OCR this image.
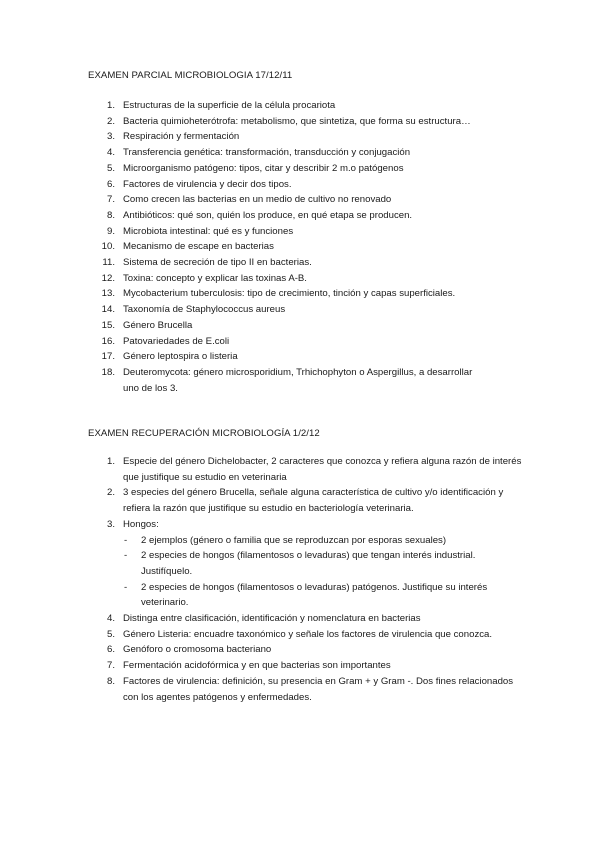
EXAMEN PARCIAL MICROBIOLOGIA 17/12/11
1. Estructuras de la superficie de la célula procariota
2. Bacteria quimioheterótrofa: metabolismo, que sintetiza, que forma su estructura…
3. Respiración y fermentación
4. Transferencia genética: transformación, transducción y conjugación
5. Microorganismo patógeno: tipos, citar y describir 2 m.o patógenos
6. Factores de virulencia y decir dos tipos.
7. Como crecen las bacterias en un medio de cultivo no renovado
8. Antibióticos: qué son, quién los produce, en qué etapa se producen.
9. Microbiota intestinal: qué es y funciones
10. Mecanismo de escape en bacterias
11. Sistema de secreción de tipo II en bacterias.
12. Toxina: concepto y explicar las toxinas A-B.
13. Mycobacterium tuberculosis: tipo de crecimiento, tinción y capas superficiales.
14. Taxonomía de Staphylococcus aureus
15. Género Brucella
16. Patovariedades de E.coli
17. Género leptospira o listeria
18. Deuteromycota: género microsporidium, Trhichophyton o Aspergillus, a desarrollar uno de los 3.
EXAMEN RECUPERACIÓN MICROBIOLOGÍA 1/2/12
1. Especie del género Dichelobacter, 2 caracteres que conozca y refiera alguna razón de interés que justifique su estudio en veterinaria
2. 3 especies del género Brucella, señale alguna característica de cultivo y/o identificación y refiera la razón que justifique su estudio en bacteriología veterinaria.
3. Hongos:
- 2 ejemplos (género o familia que se reproduzcan por esporas sexuales)
- 2 especies de hongos (filamentosos o levaduras) que tengan interés industrial. Justifíquelo.
- 2 especies de hongos (filamentosos o levaduras) patógenos. Justifique su interés veterinario.
4. Distinga entre clasificación, identificación y nomenclatura en bacterias
5. Género Listeria: encuadre taxonómico y señale los factores de virulencia que conozca.
6. Genóforo o cromosoma bacteriano
7. Fermentación acidofórmica y en que bacterias son importantes
8. Factores de virulencia: definición, su presencia en Gram + y Gram -. Dos fines relacionados con los agentes patógenos y enfermedades.
